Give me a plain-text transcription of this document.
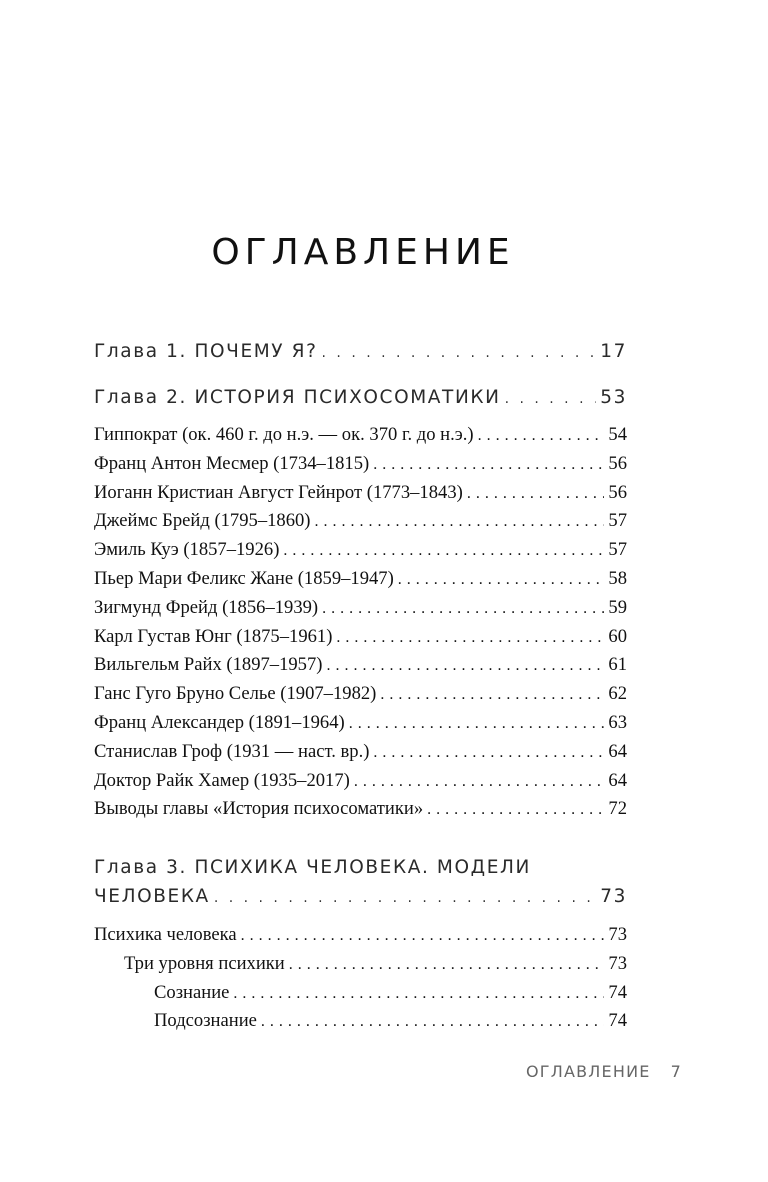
ОГЛАВЛЕНИЕ
Глава 1. ПОЧЕМУ Я? . . .	17
Глава 2. ИСТОРИЯ ПСИХОСОМАТИКИ . . .	53
Гиппократ (ок. 460 г. до н.э. — ок. 370 г. до н.э.) . . .	54
Франц Антон Месмер (1734–1815) . . .	56
Иоганн Кристиан Август Гейнрот (1773–1843) . . .	56
Джеймс Брейд (1795–1860) . . .	57
Эмиль Куэ (1857–1926) . . .	57
Пьер Мари Феликс Жане (1859–1947) . . .	58
Зигмунд Фрейд (1856–1939) . . .	59
Карл Густав Юнг (1875–1961) . . .	60
Вильгельм Райх (1897–1957) . . .	61
Ганс Гуго Бруно Селье (1907–1982) . . .	62
Франц Александер (1891–1964) . . .	63
Станислав Гроф (1931 — наст. вр.) . . .	64
Доктор Райк Хамер (1935–2017) . . .	64
Выводы главы «История психосоматики» . . .	72
Глава 3. ПСИХИКА ЧЕЛОВЕКА. МОДЕЛИ
ЧЕЛОВЕКА . . .	73
Психика человека . . .	73
Три уровня психики . . .	73
Сознание . . .	74
Подсознание . . .	74
ОГЛАВЛЕНИЕ 7
